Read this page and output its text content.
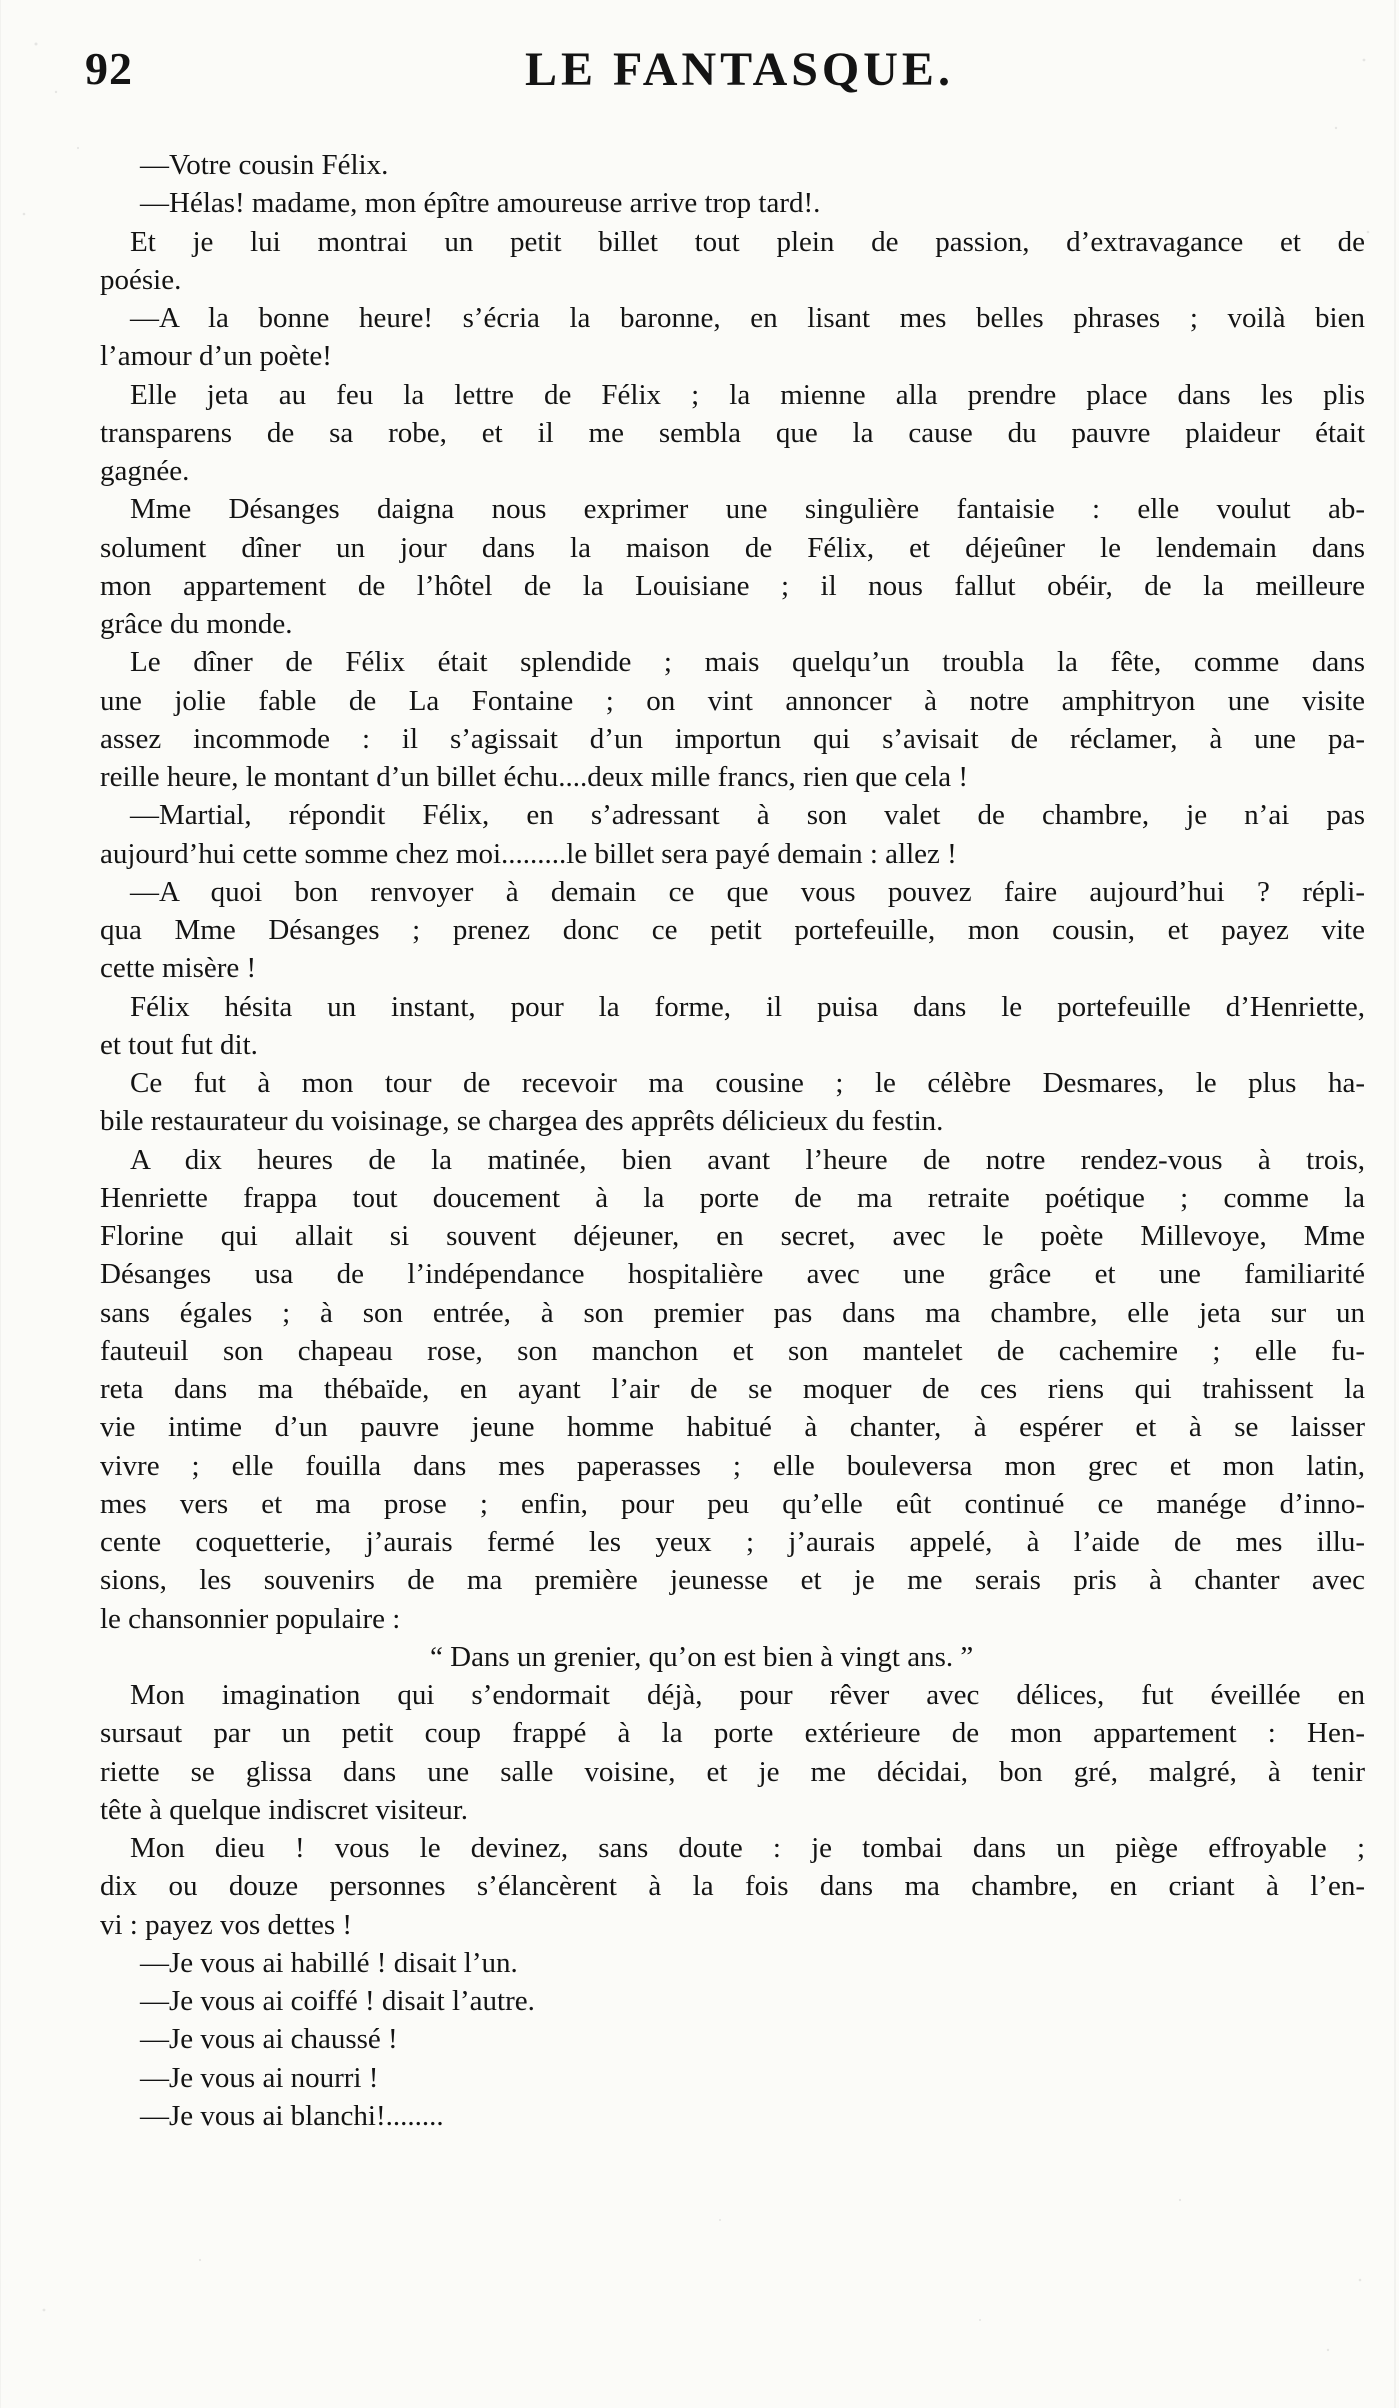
92	LE FANTASQUE.
—Votre cousin Félix.
—Hélas! madame, mon épître amoureuse arrive trop tard!.
Et je lui montrai un petit billet tout plein de passion, d’extravagance et de
poésie.
—A la bonne heure! s’écria la baronne, en lisant mes belles phrases ; voilà bien
l’amour d’un poète!
Elle jeta au feu la lettre de Félix ; la mienne alla prendre place dans les plis
transparens de sa robe, et il me sembla que la cause du pauvre plaideur était
gagnée.
Mme Désanges daigna nous exprimer une singulière fantaisie : elle voulut ab-
solument dîner un jour dans la maison de Félix, et déjeûner le lendemain dans
mon appartement de l’hôtel de la Louisiane ; il nous fallut obéir, de la meilleure
grâce du monde.
Le dîner de Félix était splendide ; mais quelqu’un troubla la fête, comme dans
une jolie fable de La Fontaine ; on vint annoncer à notre amphitryon une visite
assez incommode : il s’agissait d’un importun qui s’avisait de réclamer, à une pa-
reille heure, le montant d’un billet échu....deux mille francs, rien que cela !
—Martial, répondit Félix, en s’adressant à son valet de chambre, je n’ai pas
aujourd’hui cette somme chez moi.........le billet sera payé demain : allez !
—A quoi bon renvoyer à demain ce que vous pouvez faire aujourd’hui ? répli-
qua Mme Désanges ; prenez donc ce petit portefeuille, mon cousin, et payez vite
cette misère !
Félix hésita un instant, pour la forme, il puisa dans le portefeuille d’Henriette,
et tout fut dit.
Ce fut à mon tour de recevoir ma cousine ; le célèbre Desmares, le plus ha-
bile restaurateur du voisinage, se chargea des apprêts délicieux du festin.
A dix heures de la matinée, bien avant l’heure de notre rendez-vous à trois,
Henriette frappa tout doucement à la porte de ma retraite poétique ; comme la
Florine qui allait si souvent déjeuner, en secret, avec le poète Millevoye, Mme
Désanges usa de l’indépendance hospitalière avec une grâce et une familiarité
sans égales ; à son entrée, à son premier pas dans ma chambre, elle jeta sur un
fauteuil son chapeau rose, son manchon et son mantelet de cachemire ; elle fu-
reta dans ma thébaïde, en ayant l’air de se moquer de ces riens qui trahissent la
vie intime d’un pauvre jeune homme habitué à chanter, à espérer et à se laisser
vivre ; elle fouilla dans mes paperasses ; elle bouleversa mon grec et mon latin,
mes vers et ma prose ; enfin, pour peu qu’elle eût continué ce manége d’inno-
cente coquetterie, j’aurais fermé les yeux ; j’aurais appelé, à l’aide de mes illu-
sions, les souvenirs de ma première jeunesse et je me serais pris à chanter avec
le chansonnier populaire :
“ Dans un grenier, qu’on est bien à vingt ans. ”
Mon imagination qui s’endormait déjà, pour rêver avec délices, fut éveillée en
sursaut par un petit coup frappé à la porte extérieure de mon appartement : Hen-
riette se glissa dans une salle voisine, et je me décidai, bon gré, malgré, à tenir
tête à quelque indiscret visiteur.
Mon dieu ! vous le devinez, sans doute : je tombai dans un piège effroyable ;
dix ou douze personnes s’élancèrent à la fois dans ma chambre, en criant à l’en-
vi : payez vos dettes !
—Je vous ai habillé ! disait l’un.
—Je vous ai coiffé ! disait l’autre.
—Je vous ai chaussé !
—Je vous ai nourri !
—Je vous ai blanchi!........
